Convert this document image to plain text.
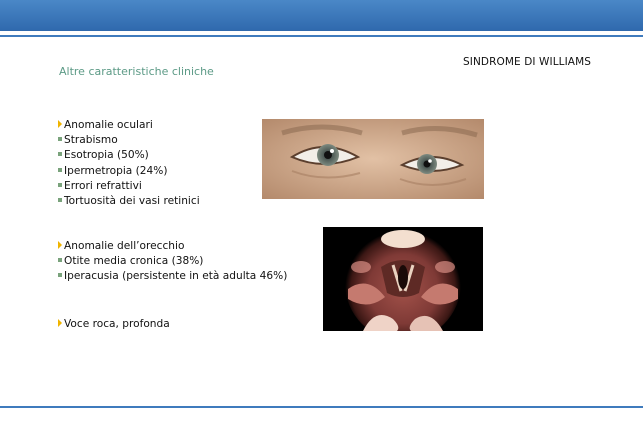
Altre caratteristiche cliniche
SINDROME DI WILLIAMS
Anomalie oculari
Strabismo
Esotropia (50%)
Ipermetropia (24%)
Errori refrattivi
Tortuosità dei vasi retinici
Anomalie dell’orecchio
Otite media cronica (38%)
Iperacusia (persistente in età adulta 46%)
Voce roca, profonda
